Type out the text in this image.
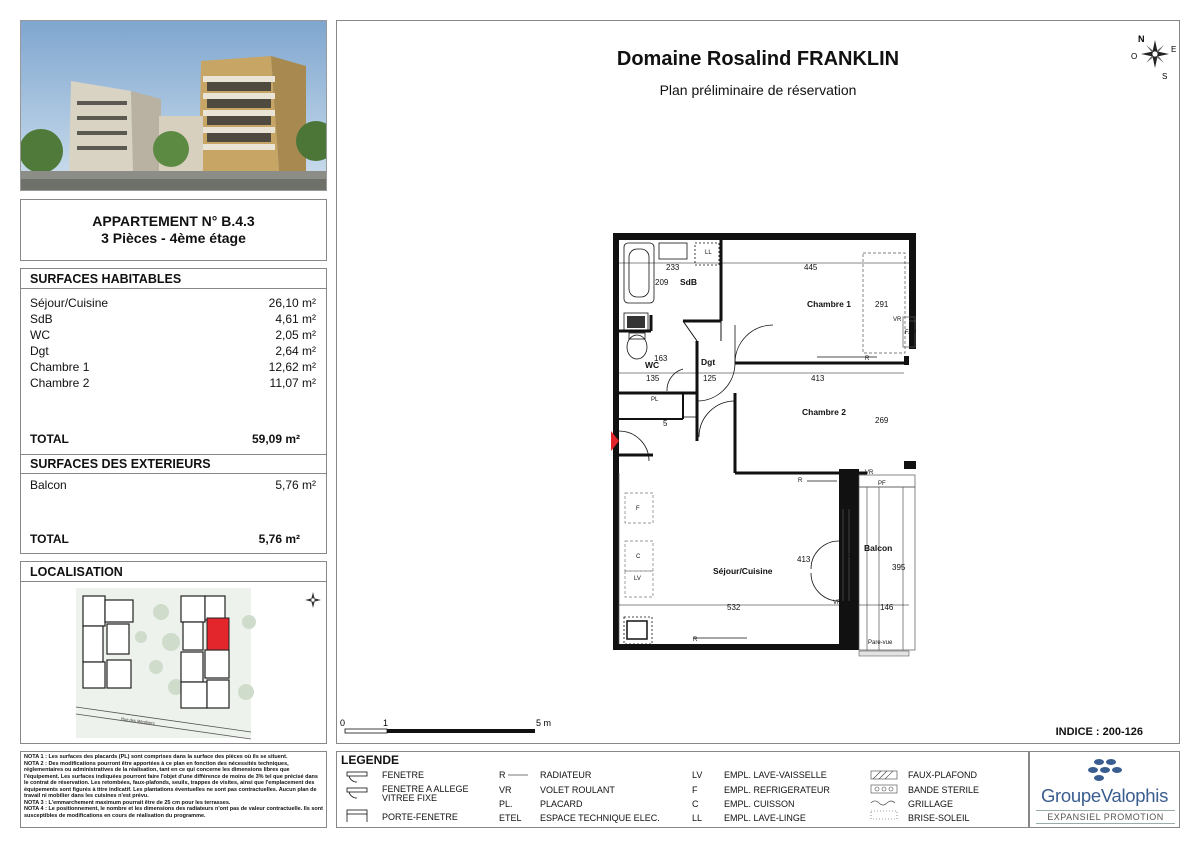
APPARTEMENT N° B.4.3
3 Pièces - 4ème étage
SURFACES HABITABLES
Séjour/Cuisine	26,10 m²
SdB	4,61 m²
WC	2,05 m²
Dgt	2,64 m²
Chambre 1	12,62 m²
Chambre 2	11,07 m²
TOTAL	59,09 m²
SURFACES DES EXTERIEURS
Balcon	5,76 m²
TOTAL	5,76 m²
LOCALISATION
Rue des Mérobiers
Domaine Rosalind FRANKLIN
Plan préliminaire de réservation
N
O
E
S
SdB
WC	Dgt
Chambre 1
Chambre 2
Séjour/Cuisine
Balcon
233	445
209
291
163
135	125	413
269
5
413
532	146
395
LL
PL
FAV
VR
R
PF
VR
R
PF
VR
R
F
C
LV
Pare-vue
0	1	5 m
INDICE : 200-126
NOTA 1 : Les surfaces des placards (PL) sont comprises dans la surface des pièces où ils se situent.
NOTA 2 : Des modifications pourront être apportées à ce plan en fonction des nécessités techniques, réglementaires ou administratives de la réalisation, tant en ce qui concerne les dimensions libres que l'équipement. Les surfaces indiquées pourront faire l'objet d'une différence de moins de 3% tel que précisé dans le contrat de réservation. Les retombées, faux-plafonds, seuils, trappes de visites, ainsi que l'emplacement des équipements sont figurés à titre indicatif. Les plantations éventuelles ne sont pas contractuelles. Aucun plan de travail ni mobilier dans les cuisines n'est prévu.
NOTA 3 : L'emmarchement maximum pourrait être de 25 cm pour les terrasses.
NOTA 4 : Le positionnement, le nombre et les dimensions des radiateurs n'ont pas de valeur contractuelle. Ils sont susceptibles de modifications en cours de réalisation du programme.
LEGENDE
FENETRE
FENETRE A ALLEGE VITREE FIXE
PORTE-FENETRE
R	RADIATEUR
VR	VOLET ROULANT
PL.	PLACARD
ETEL ESPACE TECHNIQUE ELEC.
LV EMPL. LAVE-VAISSELLE
F	EMPL. REFRIGERATEUR
C	EMPL. CUISSON
LL EMPL. LAVE-LINGE
FAUX-PLAFOND
BANDE STERILE
GRILLAGE
BRISE-SOLEIL
GroupeValophis
EXPANSIEL PROMOTION
